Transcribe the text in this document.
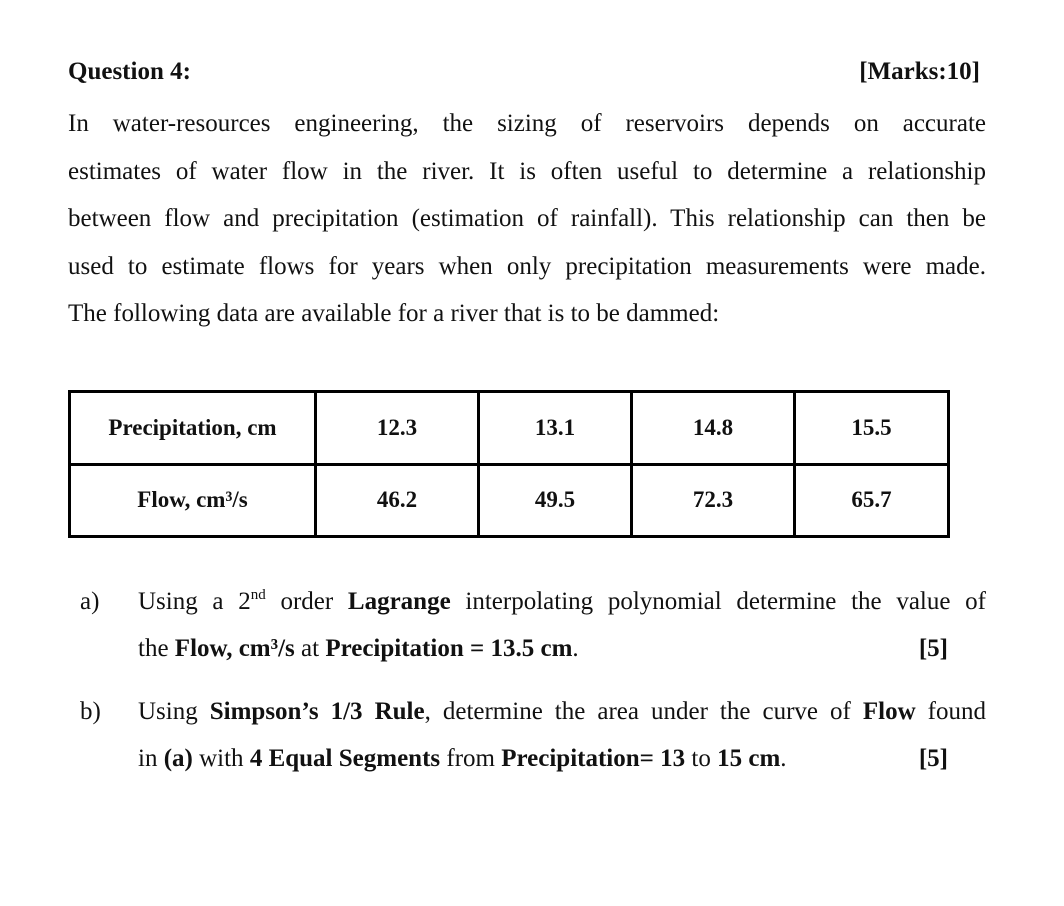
Question 4:	[Marks:10]
In water-resources engineering, the sizing of reservoirs depends on accurate
estimates of water flow in the river. It is often useful to determine a relationship
between flow and precipitation (estimation of rainfall). This relationship can then be
used to estimate flows for years when only precipitation measurements were made.
The following data are available for a river that is to be dammed:
Precipitation, cm	12.3	13.1	14.8	15.5
Flow, cm³/s	46.2	49.5	72.3	65.7
a) Using a 2nd order Lagrange interpolating polynomial determine the value of
the Flow, cm³/s at Precipitation = 13.5 cm.	[5]
b) Using Simpson’s 1/3 Rule, determine the area under the curve of Flow found
in (a) with 4 Equal Segments from Precipitation= 13 to 15 cm.	[5]
